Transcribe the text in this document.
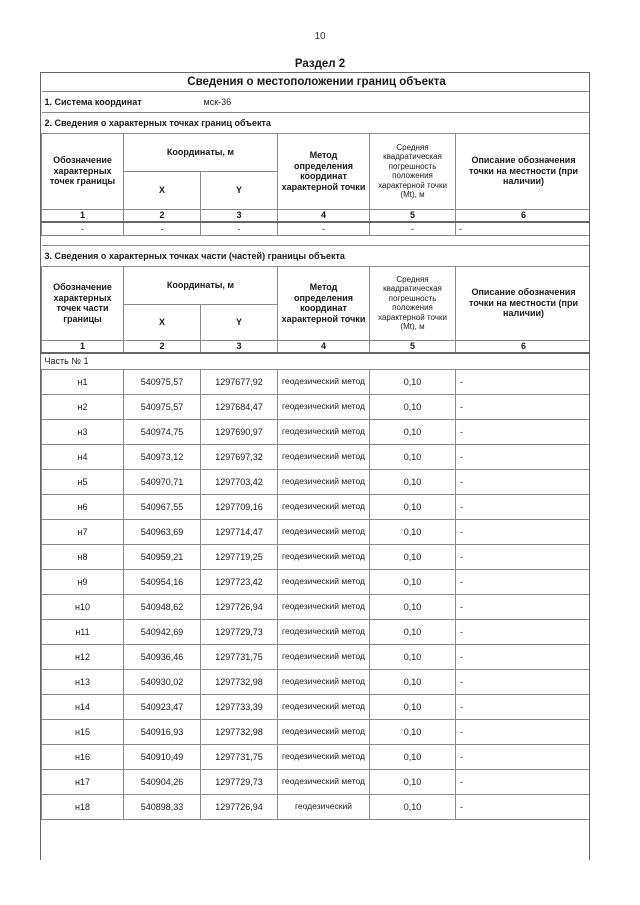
10
Раздел 2
Сведения о местоположении границ объекта					
1. Система координат		мск-36			
2. Сведения о характерных точках границ объекта					
Обозначение характерных точек границы	Координаты, м		Метод определения координат характерной точки	Средняя квадратическая погрешность положения характерной точки (Mt), м	Описание обозначения точки на местности (при наличии)
	X	Y			
1	2	3	4	5	6
-	-	-	-	-	-

3. Сведения о характерных точках части (частей) границы объекта					
Обозначение характерных точек части границы	Координаты, м		Метод определения координат характерной точки	Средняя квадратическая погрешность положения характерной точки (Mt), м	Описание обозначения точки на местности (при наличии)
	X	Y			
1	2	3	4	5	6
Часть № 1					
н1	540975,57	1297677,92	геодезический метод	0,10	-
н2	540975,57	1297684,47	геодезический метод	0,10	-
н3	540974,75	1297690,97	геодезический метод	0,10	-
н4	540973,12	1297697,32	геодезический метод	0,10	-
н5	540970,71	1297703,42	геодезический метод	0,10	-
н6	540967,55	1297709,16	геодезический метод	0,10	-
н7	540963,69	1297714,47	геодезический метод	0,10	-
н8	540959,21	1297719,25	геодезический метод	0,10	-
н9	540954,16	1297723,42	геодезический метод	0,10	-
н10	540948,62	1297726,94	геодезический метод	0,10	-
н11	540942,69	1297729,73	геодезический метод	0,10	-
н12	540936,46	1297731,75	геодезический метод	0,10	-
н13	540930,02	1297732,98	геодезический метод	0,10	-
н14	540923,47	1297733,39	геодезический метод	0,10	-
н15	540916,93	1297732,98	геодезический метод	0,10	-
н16	540910,49	1297731,75	геодезический метод	0,10	-
н17	540904,26	1297729,73	геодезический метод	0,10	-
н18	540898,33	1297726,94	геодезический	0,10	-
